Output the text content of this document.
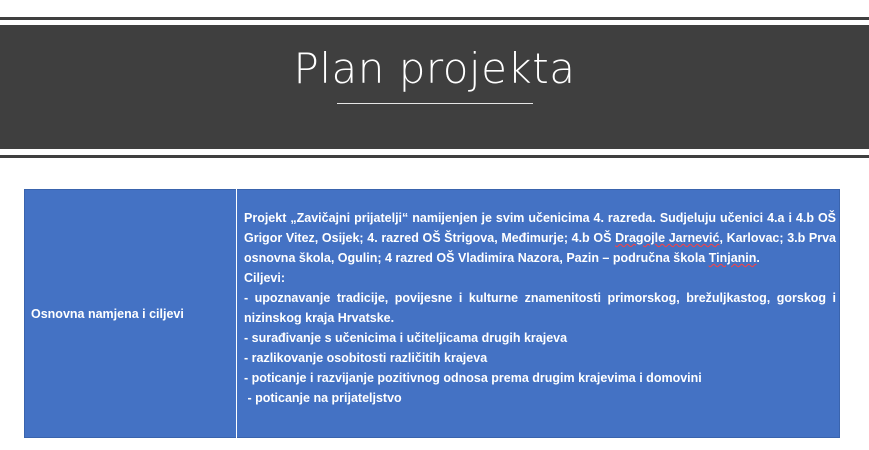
Plan projekta
Osnovna namjena i ciljevi

Projekt „Zavičajni prijatelji“ namijenjen je svim učenicima 4. razreda. Sudjeluju učenici 4.a i 4.b OŠ Grigor Vitez, Osijek; 4. razred OŠ Štrigova, Međimurje; 4.b OŠ Dragojle Jarnević, Karlovac; 3.b Prva osnovna škola, Ogulin; 4 razred OŠ Vladimira Nazora, Pazin – područna škola Tinjanin.

Ciljevi:

- upoznavanje tradicije, povijesne i kulturne znamenitosti primorskog, brežuljkastog, gorskog i nizinskog kraja Hrvatske.

- surađivanje s učenicima i učiteljicama drugih krajeva

- razlikovanje osobitosti različitih krajeva

- poticanje i razvijanje pozitivnog odnosa prema drugim krajevima i domovini

- poticanje na prijateljstvo
